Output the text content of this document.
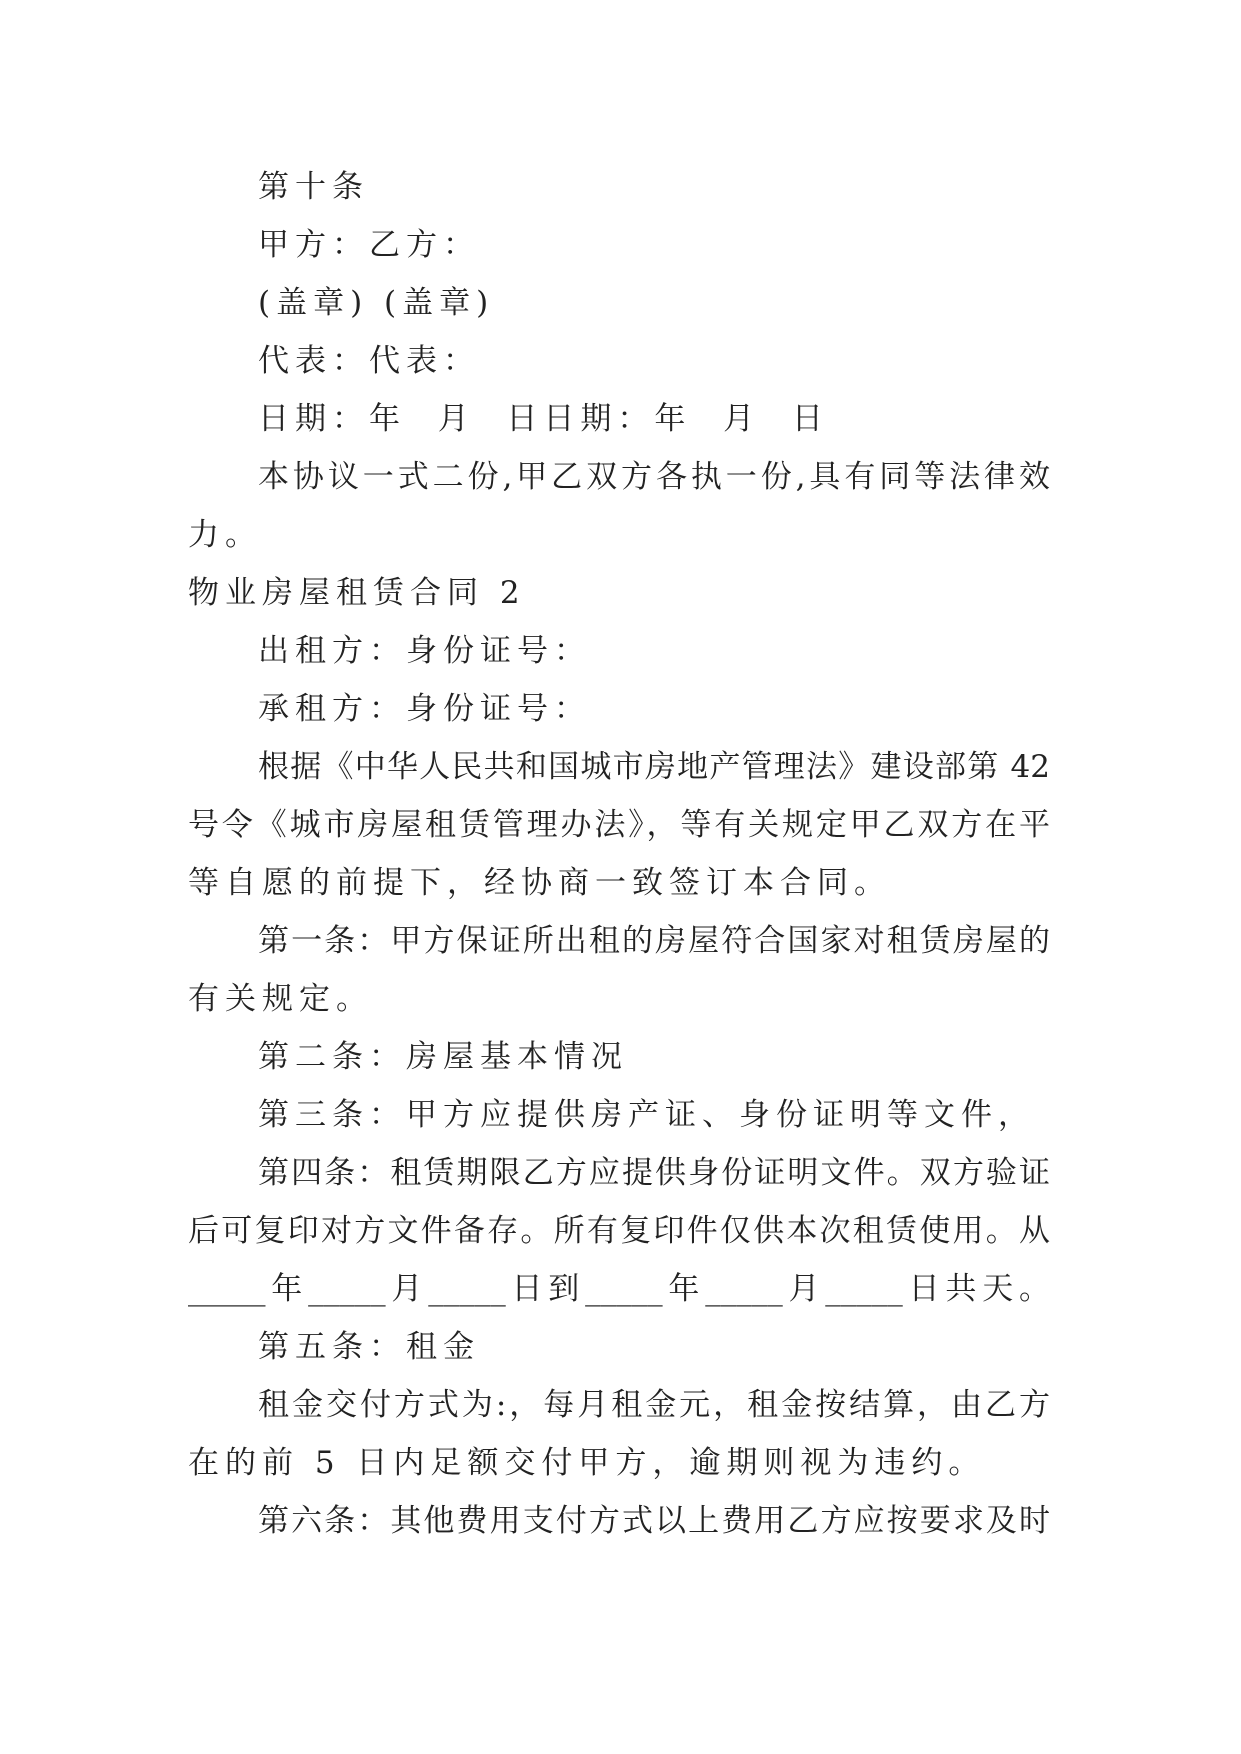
第十条
甲方：乙方：
(盖章) (盖章)
代表：代表：
日期：年  月  日日期：年  月  日
本协议一式二份,甲乙双方各执一份,具有同等法律效
力。
物业房屋租赁合同 2
出租方：身份证号：
承租方：身份证号：
根据《中华人民共和国城市房地产管理法》建设部第 42
号令《城市房屋租赁管理办法》，等有关规定甲乙双方在平
等自愿的前提下，经协商一致签订本合同。
第一条：甲方保证所出租的房屋符合国家对租赁房屋的
有关规定。
第二条：房屋基本情况
第三条：甲方应提供房产证、身份证明等文件，
第四条：租赁期限乙方应提供身份证明文件。双方验证
后可复印对方文件备存。所有复印件仅供本次租赁使用。从
_____年_____月_____日到_____年_____月_____日共天。
第五条：租金
租金交付方式为:，每月租金元，租金按结算，由乙方
在的前 5 日内足额交付甲方，逾期则视为违约。
第六条：其他费用支付方式以上费用乙方应按要求及时
